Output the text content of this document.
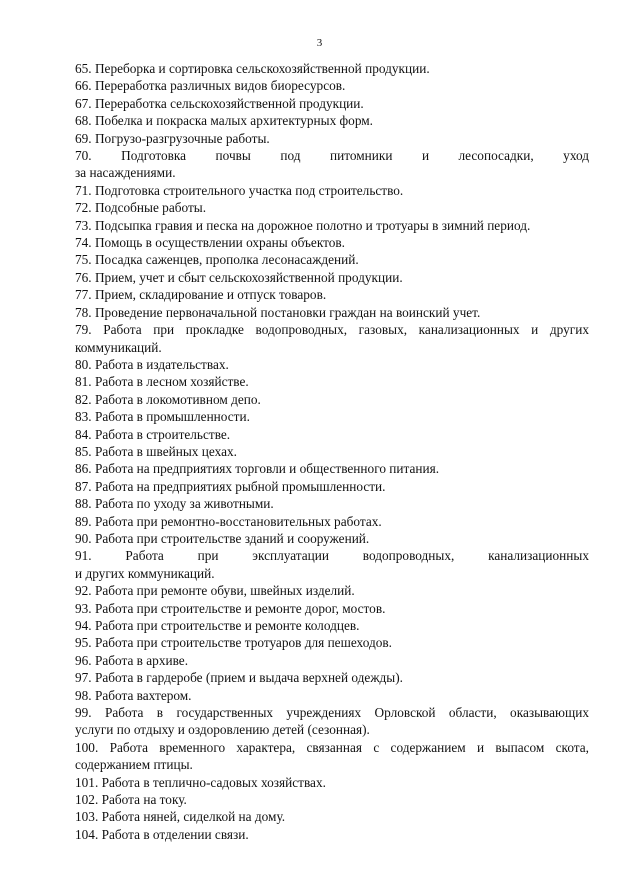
3
65. Переборка и сортировка сельскохозяйственной продукции.
66. Переработка различных видов биоресурсов.
67. Переработка сельскохозяйственной продукции.
68. Побелка и покраска малых архитектурных форм.
69. Погрузо-разгрузочные работы.
70. Подготовка почвы под питомники и лесопосадки, уход
за насаждениями.
71. Подготовка строительного участка под строительство.
72. Подсобные работы.
73. Подсыпка гравия и песка на дорожное полотно и тротуары в зимний период.
74. Помощь в осуществлении охраны объектов.
75. Посадка саженцев, прополка лесонасаждений.
76. Прием, учет и сбыт сельскохозяйственной продукции.
77. Прием, складирование и отпуск товаров.
78. Проведение первоначальной постановки граждан на воинский учет.
79. Работа при прокладке водопроводных, газовых, канализационных и других
коммуникаций.
80. Работа в издательствах.
81. Работа в лесном хозяйстве.
82. Работа в локомотивном депо.
83. Работа в промышленности.
84. Работа в строительстве.
85. Работа в швейных цехах.
86. Работа на предприятиях торговли и общественного питания.
87. Работа на предприятиях рыбной промышленности.
88. Работа по уходу за животными.
89. Работа при ремонтно-восстановительных работах.
90. Работа при строительстве зданий и сооружений.
91. Работа при эксплуатации водопроводных, канализационных
и других коммуникаций.
92. Работа при ремонте обуви, швейных изделий.
93. Работа при строительстве и ремонте дорог, мостов.
94. Работа при строительстве и ремонте колодцев.
95. Работа при строительстве тротуаров для пешеходов.
96. Работа в архиве.
97. Работа в гардеробе (прием и выдача верхней одежды).
98. Работа вахтером.
99. Работа в государственных учреждениях Орловской области, оказывающих
услуги по отдыху и оздоровлению детей (сезонная).
100. Работа временного характера, связанная с содержанием и выпасом скота,
содержанием птицы.
101. Работа в теплично-садовых хозяйствах.
102. Работа на току.
103. Работа няней, сиделкой на дому.
104. Работа в отделении связи.
